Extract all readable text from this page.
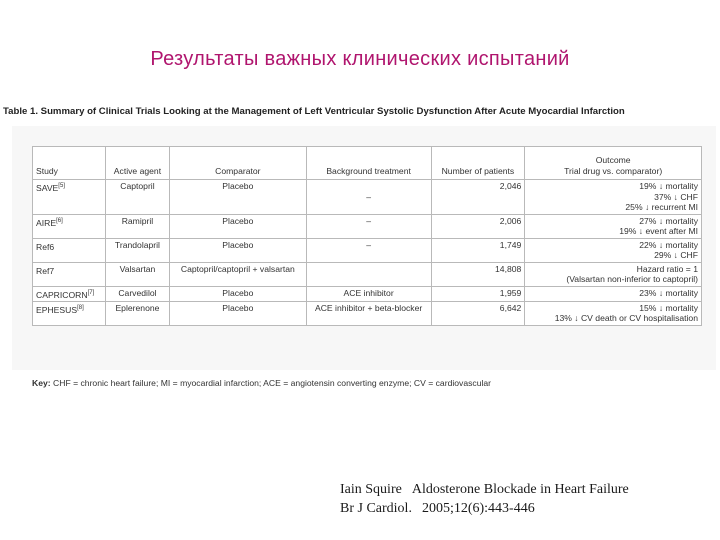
Результаты важных клинических испытаний
Table 1. Summary of Clinical Trials Looking at the Management of Left Ventricular Systolic Dysfunction After Acute Myocardial Infarction
Study	Active agent	Comparator	Background treatment	Number of patients	Outcome
Trial drug vs. comparator)

SAVE[5]	Captopril	Placebo	–	2,046	19% ↓ mortality
37% ↓ CHF
25% ↓ recurrent MI

AIRE[6]	Ramipril	Placebo	–	2,006	27% ↓ mortality
19% ↓ event after MI

Ref6	Trandolapril	Placebo	–	1,749	22% ↓ mortality
29% ↓ CHF

Ref7	Valsartan	Captopril/captopril + valsartan		14,808	Hazard ratio = 1
(Valsartan non-inferior to captopril)

CAPRICORN[7]	Carvedilol	Placebo	ACE inhibitor	1,959	23% ↓ mortality

EPHESUS[8]	Eplerenone	Placebo	ACE inhibitor + beta-blocker	6,642	15% ↓ mortality
13% ↓ CV death or CV hospitalisation
Key: CHF = chronic heart failure; MI = myocardial infarction; ACE = angiotensin converting enzyme; CV = cardiovascular
Iain Squire Aldosterone Blockade in Heart Failure
Br J Cardiol. 2005;12(6):443-446
